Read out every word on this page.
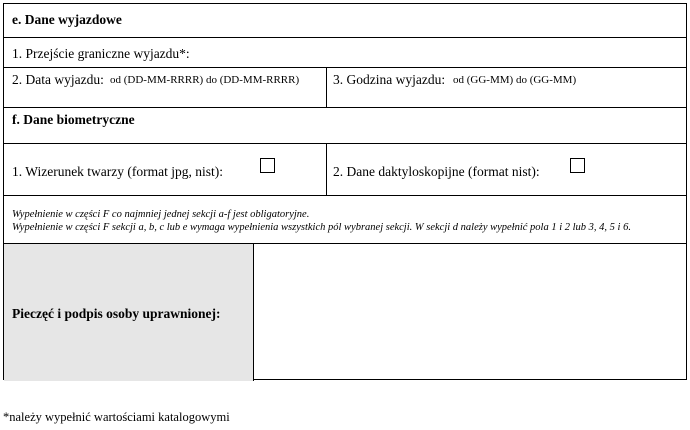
e. Dane wyjazdowe
1. Przejście graniczne wyjazdu*:
2. Data wyjazdu: od (DD-MM-RRRR) do (DD-MM-RRRR)	3. Godzina wyjazdu: od (GG-MM) do (GG-MM)
f. Dane biometryczne
1. Wizerunek twarzy (format jpg, nist):	2. Dane daktyloskopijne (format nist):
Wypełnienie w części F co najmniej jednej sekcji a-f jest obligatoryjne.
Wypełnienie w części F sekcji a, b, c lub e wymaga wypełnienia wszystkich pól wybranej sekcji. W sekcji d należy wypełnić pola 1 i 2 lub 3, 4, 5 i 6.
Pieczęć i podpis osoby uprawnionej:
*należy wypełnić wartościami katalogowymi
